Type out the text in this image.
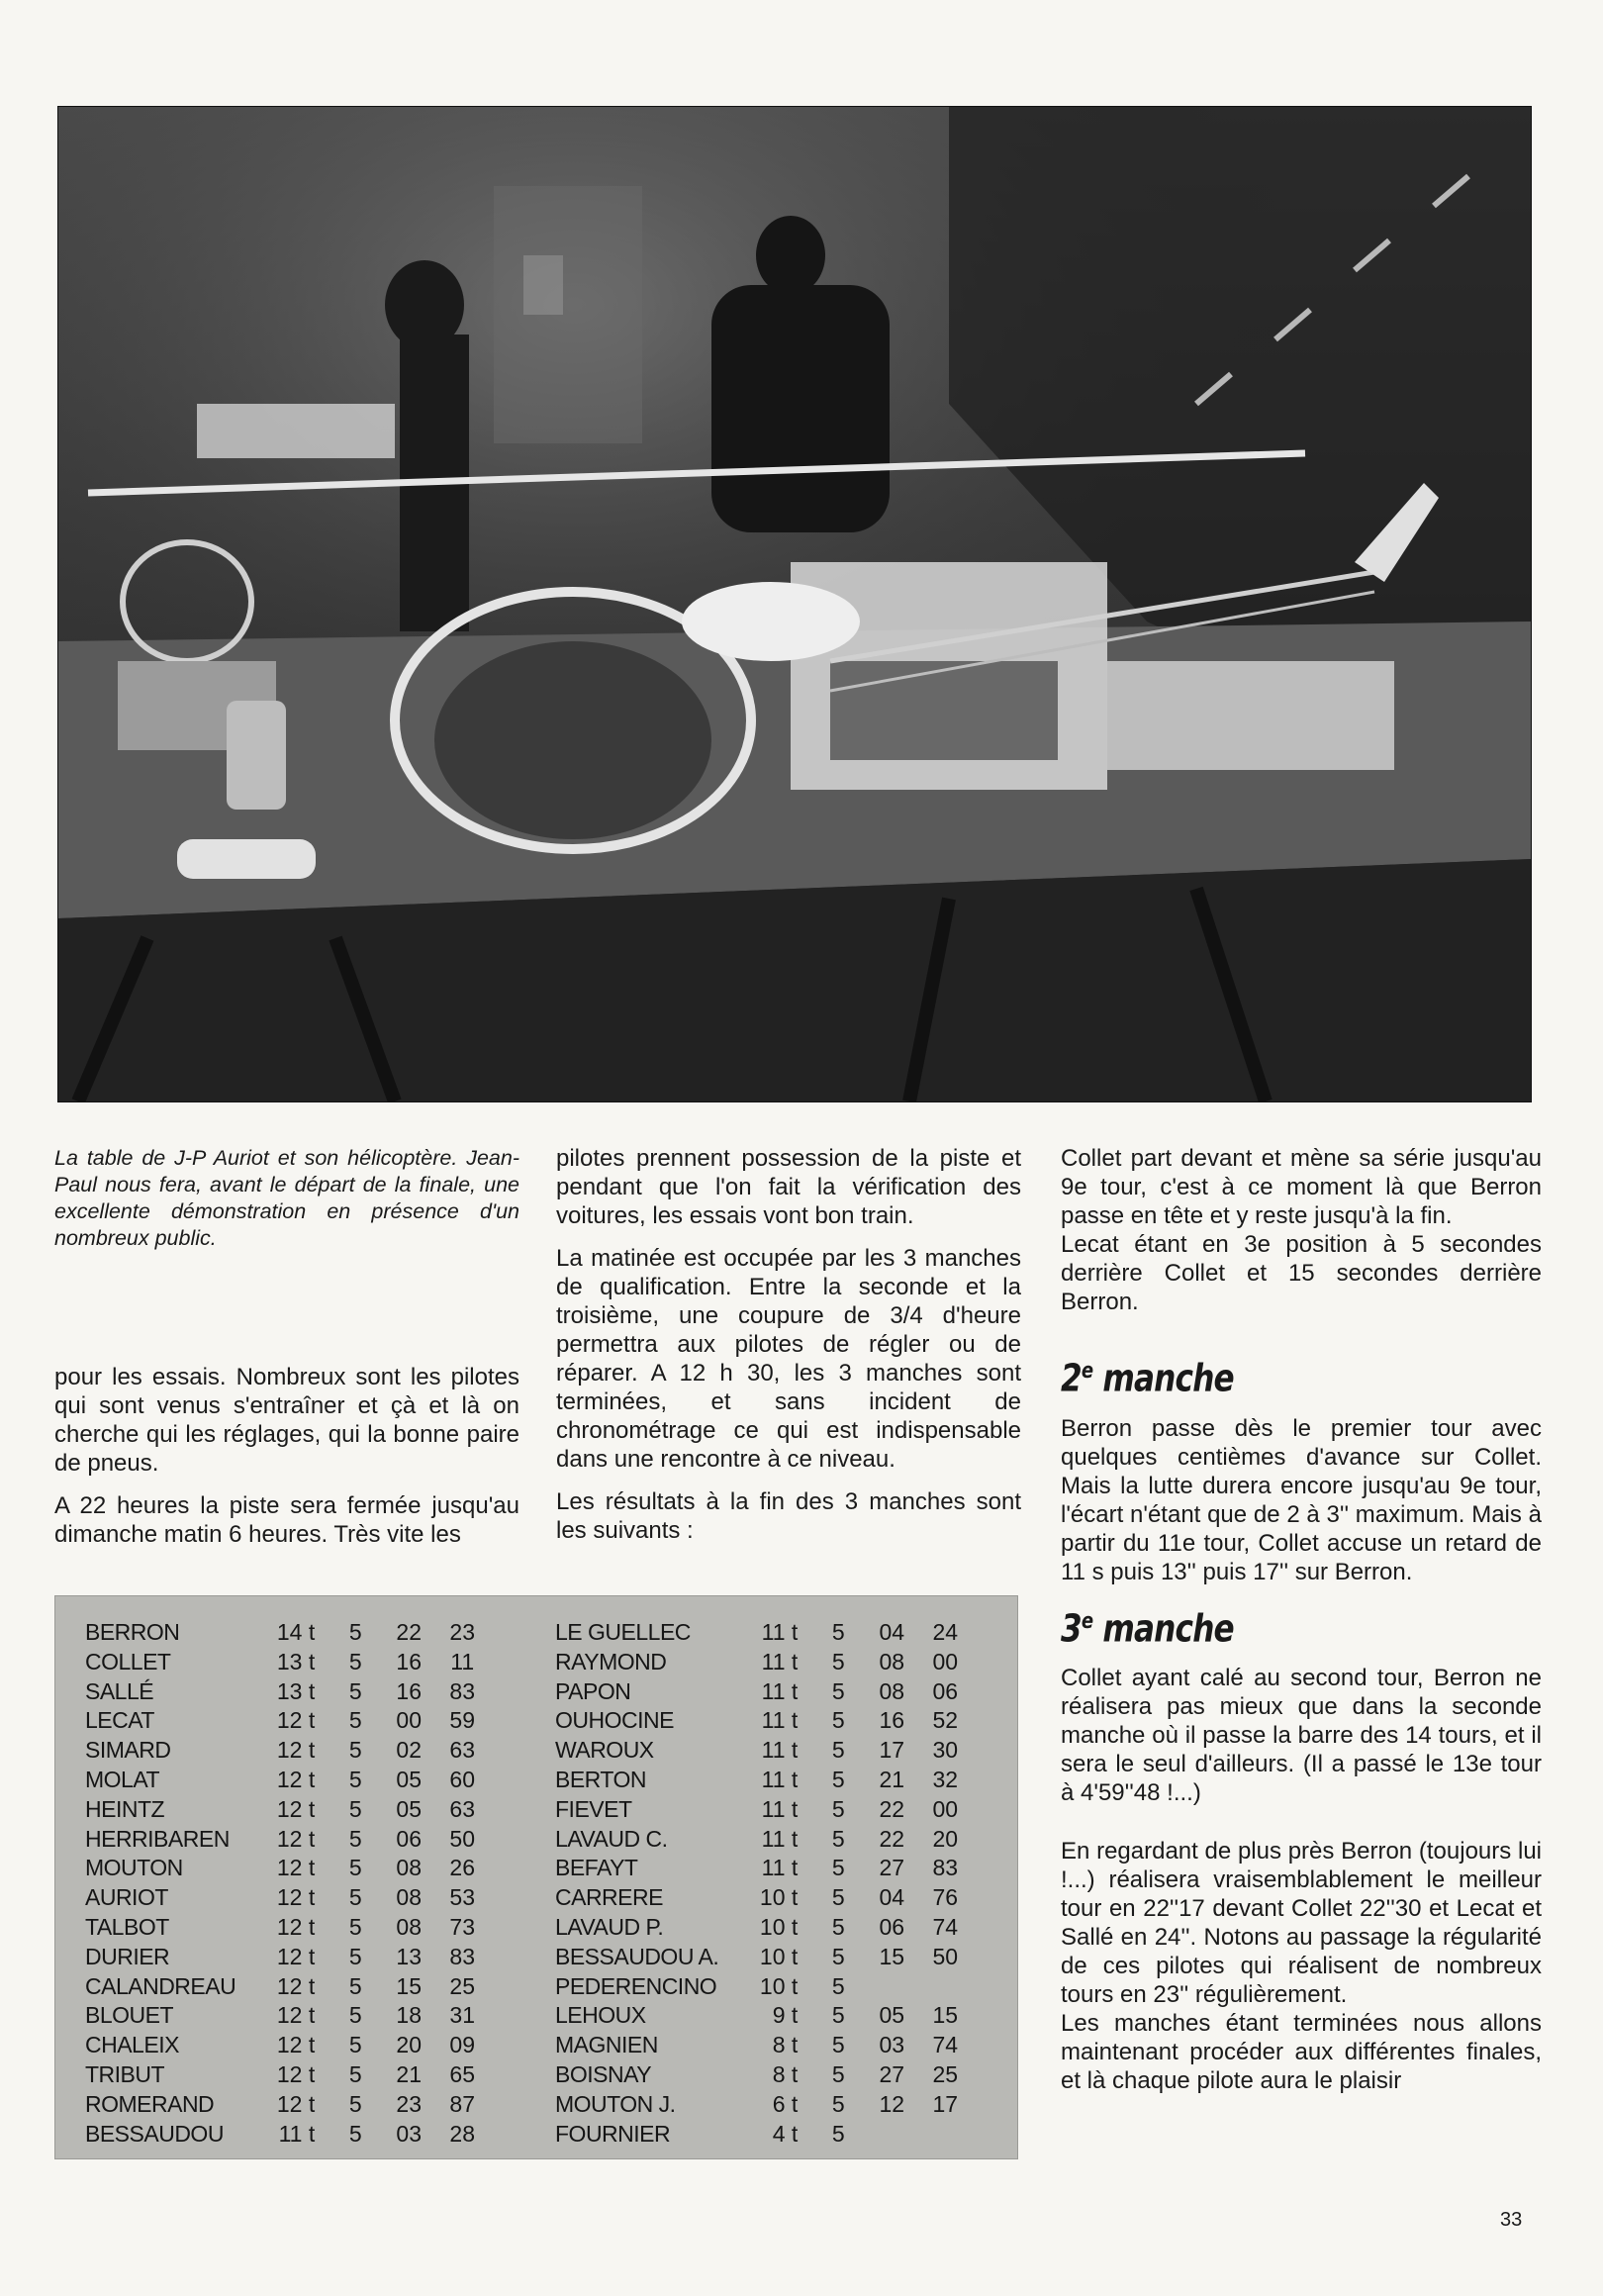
La table de J-P Auriot et son hélicoptère. Jean-Paul nous fera, avant le départ de la finale, une excellente démonstration en présence d'un nombreux public.

pour les essais. Nombreux sont les pilotes qui sont venus s'entraîner et çà et là on cherche qui les réglages, qui la bonne paire de pneus.

A 22 heures la piste sera fermée jusqu'au dimanche matin 6 heures. Très vite les

pilotes prennent possession de la piste et pendant que l'on fait la vérification des voitures, les essais vont bon train.

La matinée est occupée par les 3 manches de qualification. Entre la seconde et la troisième, une coupure de 3/4 d'heure permettra aux pilotes de régler ou de réparer. A 12 h 30, les 3 manches sont terminées, et sans incident de chronométrage ce qui est indispensable dans une rencontre à ce niveau.

Les résultats à la fin des 3 manches sont les suivants :

BERRON	14 t	5	22	23
COLLET	13 t	5	16	11
SALLÉ	13 t	5	16	83
LECAT	12 t	5	00	59
SIMARD	12 t	5	02	63
MOLAT	12 t	5	05	60
HEINTZ	12 t	5	05	63
HERRIBAREN	12 t	5	06	50
MOUTON	12 t	5	08	26
AURIOT	12 t	5	08	53
TALBOT	12 t	5	08	73
DURIER	12 t	5	13	83
CALANDREAU	12 t	5	15	25
BLOUET	12 t	5	18	31
CHALEIX	12 t	5	20	09
TRIBUT	12 t	5	21	65
ROMERAND	12 t	5	23	87
BESSAUDOU	11 t	5	03	28
LE GUELLEC	11 t	5	04	24
RAYMOND	11 t	5	08	00
PAPON	11 t	5	08	06
OUHOCINE	11 t	5	16	52
WAROUX	11 t	5	17	30
BERTON	11 t	5	21	32
FIEVET	11 t	5	22	00
LAVAUD C.	11 t	5	22	20
BEFAYT	11 t	5	27	83
CARRERE	10 t	5	04	76
LAVAUD P.	10 t	5	06	74
BESSAUDOU A.	10 t	5	15	50
PEDERENCINO	10 t	5		
LEHOUX	9 t	5	05	15
MAGNIEN	8 t	5	03	74
BOISNAY	8 t	5	27	25
MOUTON J.	6 t	5	12	17
FOURNIER	4 t	5		

Collet part devant et mène sa série jusqu'au 9e tour, c'est à ce moment là que Berron passe en tête et y reste jusqu'à la fin.

Lecat étant en 3e position à 5 secondes derrière Collet et 15 secondes derrière Berron.

2e manche

Berron passe dès le premier tour avec quelques centièmes d'avance sur Collet. Mais la lutte durera encore jusqu'au 9e tour, l'écart n'étant que de 2 à 3'' maximum. Mais à partir du 11e tour, Collet accuse un retard de 11 s puis 13'' puis 17'' sur Berron.

3e manche

Collet ayant calé au second tour, Berron ne réalisera pas mieux que dans la seconde manche où il passe la barre des 14 tours, et il sera le seul d'ailleurs. (Il a passé le 13e tour à 4'59''48 !...)

En regardant de plus près Berron (toujours lui !...) réalisera vraisemblablement le meilleur tour en 22''17 devant Collet 22''30 et Lecat et Sallé en 24''. Notons au passage la régularité de ces pilotes qui réalisent de nombreux tours en 23'' régulièrement.

Les manches étant terminées nous allons maintenant procéder aux différentes finales, et là chaque pilote aura le plaisir

33
